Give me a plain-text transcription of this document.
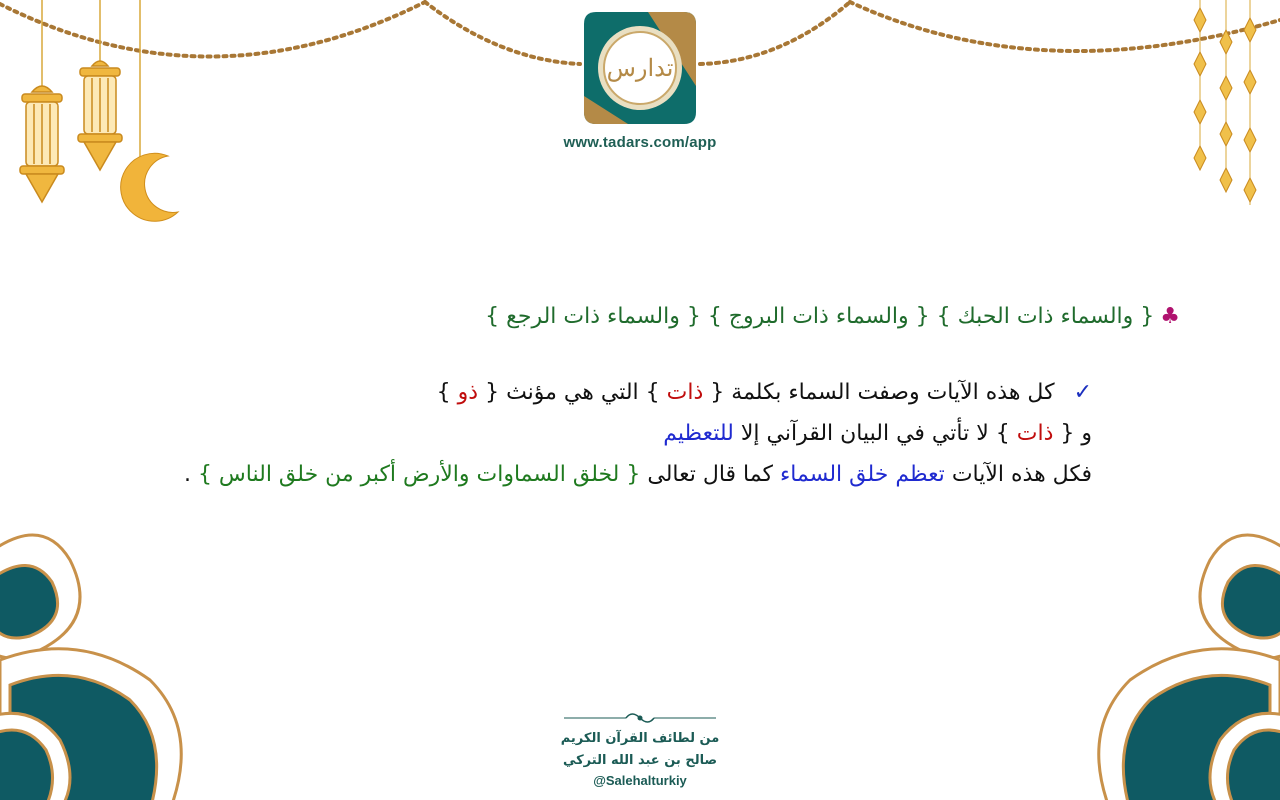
تدارس
www.tadars.com/app
♣{ والسماء ذات الحبك } { والسماء ذات البروج } { والسماء ذات الرجع }
✓ كل هذه الآيات وصفت السماء بكلمة { ذات } التي هي مؤنث { ذو }
و { ذات } لا تأتي في البيان القرآني إلا للتعظيم
فكل هذه الآيات تعظم خلق السماء كما قال تعالى { لخلق السماوات والأرض أكبر من خلق الناس } .
من لطائف القرآن الكريم
صالح بن عبد الله التركي
@Salehalturkiy
